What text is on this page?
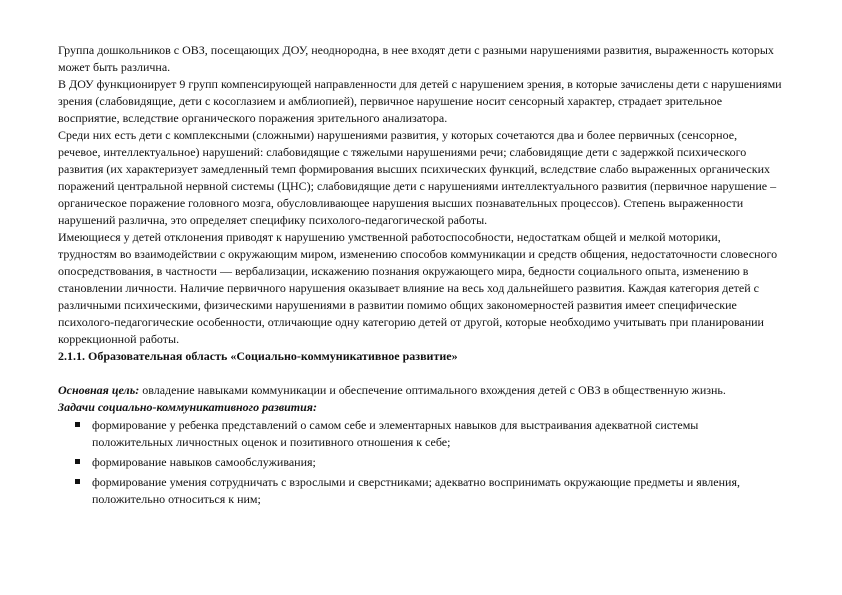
Группа дошкольников с ОВЗ, посещающих ДОУ, неоднородна, в нее входят дети с разными нарушениями развития, выраженность которых может быть различна.

В ДОУ функционирует 9 групп компенсирующей направленности для детей с нарушением зрения, в которые зачислены дети с нарушениями зрения (слабовидящие, дети с косоглазием и амблиопией), первичное нарушение носит сенсорный характер, страдает зрительное восприятие, вследствие органического поражения зрительного анализатора.

Среди них есть дети с комплексными (сложными) нарушениями развития, у которых сочетаются два и более первичных (сенсорное, речевое, интеллектуальное) нарушений: слабовидящие с тяжелыми нарушениями речи; слабовидящие дети с задержкой психического развития (их характеризует замедленный темп формирования высших психических функций, вследствие слабо выраженных органических поражений центральной нервной системы (ЦНС); слабовидящие дети с нарушениями интеллектуального развития (первичное нарушение – органическое поражение головного мозга, обусловливающее нарушения высших познавательных процессов). Степень выраженности нарушений различна, это определяет специфику психолого-педагогической работы.

Имеющиеся у детей отклонения приводят к нарушению умственной работоспособности, недостаткам общей и мелкой моторики, трудностям во взаимодействии с окружающим миром, изменению способов коммуникации и средств общения, недостаточности словесного опосредствования, в частности — вербализации, искажению познания окружающего мира, бедности социального опыта, изменению в становлении личности. Наличие первичного нарушения оказывает влияние на весь ход дальнейшего развития. Каждая категория детей с различными психическими, физическими нарушениями в развитии помимо общих закономерностей развития имеет специфические психолого-педагогические особенности, отличающие одну категорию детей от другой, которые необходимо учитывать при планировании коррекционной работы.

2.1.1. Образовательная область «Социально-коммуникативное развитие»

Основная цель: овладение навыками коммуникации и обеспечение оптимального вхождения детей с ОВЗ в общественную жизнь.

Задачи социально-коммуникативного развития:

формирование у ребенка представлений о самом себе и элементарных навыков для выстраивания адекватной системы положительных личностных оценок и позитивного отношения к себе;
формирование навыков самообслуживания;
формирование умения сотрудничать с взрослыми и сверстниками; адекватно воспринимать окружающие предметы и явления, положительно относиться к ним;
